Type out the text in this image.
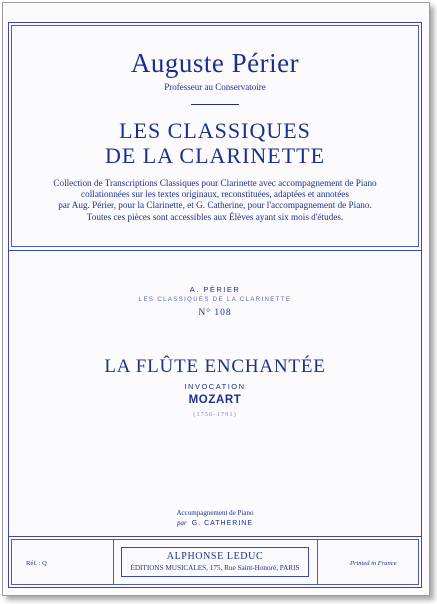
Auguste Périer
Professeur au Conservatoire
LES CLASSIQUES
DE LA CLARINETTE
Collection de Transcriptions Classiques pour Clarinette avec accompagnement de Piano
collationnées sur les textes originaux, reconstituées, adaptées et annotées
par Aug. Périer, pour la Clarinette, et G. Catherine, pour l'accompagnement de Piano.
Toutes ces pièces sont accessibles aux Élèves ayant six mois d'études.
A. PÉRIER
LES CLASSIQUES DE LA CLARINETTE
N° 108
LA FLÛTE ENCHANTÉE
INVOCATION
MOZART
(1756-1791)
Accompagnement de Piano
par G. CATHERINE
Réf. : Q
ALPHONSE LEDUC
ÉDITIONS MUSICALES, 175, Rue Saint-Honoré, PARIS
Printed in France
